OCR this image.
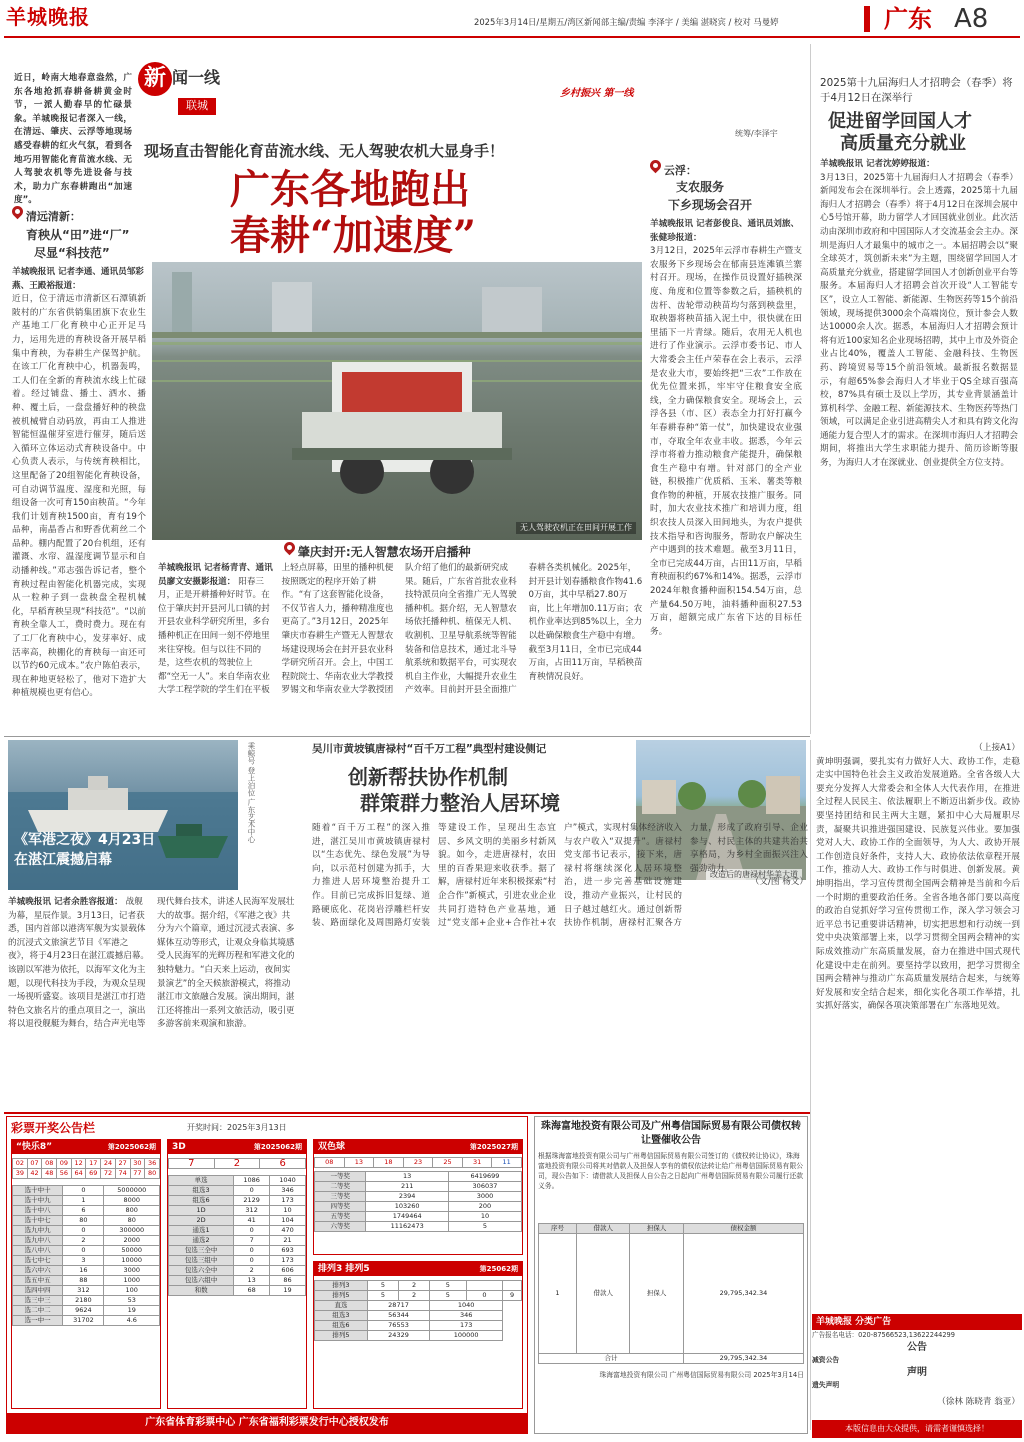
羊城晚报	2025年3月14日/星期五/湾区新闻部主编/责编 李泽宇 / 美编 湛晓宾 / 校对 马曼婷	广东 A8
近日，岭南大地春意盎然，广东各地抢抓春耕备耕黄金时节，一派人勤春早的忙碌景象。羊城晚报记者深入一线，在清远、肇庆、云浮等地现场感受春耕的红火气氛，看到各地巧用智能化育苗流水线、无人驾驶农机等先进设备与技术，助力广东春耕跑出“加速度”。
新 闻一线
联城
乡村振兴 第一线
统筹/李泽宇
现场直击智能化育苗流水线、无人驾驶农机大显身手！
广东各地跑出
春耕“加速度”
无人驾驶农机正在田间开展工作
清远清新：
育秧从“田”进“厂”
尽显“科技范”
羊城晚报讯 记者李通、通讯员邹彩燕、王殿裕报道：
近日，位于清远市清新区石潭镇新陂村的广东省供销集团旗下农业生产基地工厂化育秧中心正开足马力，运用先进的育秧设备开展早稻集中育秧，为春耕生产保驾护航。在该工厂化育秧中心，机器轰鸣，工人们在全新的育秧流水线上忙碌着。经过铺盘、播土、洒水、播种、覆土后，一盘盘播好种的秧盘被机械臂自动码放，再由工人推进智能恒温催芽室进行催芽，随后送入循环立体运动式育秧设备中。中心负责人表示，与传统育秧相比，这里配备了20组智能化育秧设备，可自动调节温度、湿度和光照，每组设备一次可育150亩秧苗。“今年我们计划育秧1500亩，育有19个品种，南晶香占和野香优莉丝二个品种。棚内配置了20台机组，还有灌溉、水帘、温湿度调节显示和自动播种线。”邓志强告诉记者，整个育秧过程由智能化机器完成，实现从一粒种子到一盘秧盘全程机械化，早稻育秧呈现“科技范”。“以前育秧全靠人工，费时费力。现在有了工厂化育秧中心，发芽率好、成活率高，秧棚化的育秧每一亩还可以节约60元成本。”农户陈伯表示，现在种地更轻松了，他对下造扩大种植规模也更有信心。
肇庆封开:无人智慧农场开启播种
羊城晚报讯 记者杨青青、通讯员廖文安摄影报道： 阳春三月，正是开耕播种好时节。在位于肇庆封开县河儿口镇的封开县农业科学研究所里，多台播种机正在田间一刻不停地里来往穿梭。但与以往不同的是，这些农机的驾驶位上都“空无一人”。来自华南农业大学工程学院的学生们在平板上轻点屏幕，田里的播种机便按照既定的程序开始了耕作。“有了这套智能化设备，不仅节省人力，播种精准度也更高了。”3月12日，2025年肇庆市春耕生产暨无人智慧农场建设现场会在封开县农业科学研究所召开。会上，中国工程院院士、华南农业大学教授罗锡文和华南农业大学教授团队介绍了他们的最新研究成果。随后，广东省首批农业科技特派员向全省推广无人驾驶播种机。据介绍，无人智慧农场依托播种机、植保无人机、收割机、卫星导航系统等智能装备和信息技术，通过北斗导航系统和数据平台，可实现农机自主作业，大幅提升农业生产效率。目前封开县全面推广春耕各类机械化。2025年，封开县计划春播粮食作物41.60万亩，其中早稻27.80万亩，比上年增加0.11万亩；农机作业率达到85%以上，全力以赴确保粮食生产稳中有增。截至3月11日，全市已完成44万亩，占田11万亩，早稻秧苗育秧情况良好。
云浮：
支农服务
下乡现场会召开
羊城晚报讯 记者彭俊良、通讯员刘旅、张健珍报道：
3月12日，2025年云浮市春耕生产暨支农服务下乡现场会在郁南县连滩镇兰寨村召开。现场，在操作员设置好插秧深度、角度和位置等参数之后，插秧机的齿杆、齿轮带动秧苗均匀落到秧盘里，取秧器将秧苗插入泥土中，很快就在田里插下一片青绿。随后，农用无人机也进行了作业演示。云浮市委书记、市人大常委会主任卢荣春在会上表示，云浮是农业大市，要始终把“三农”工作放在优先位置来抓，牢牢守住粮食安全底线，全力确保粮食安全。现场会上，云浮各县（市、区）表态全力打好打赢今年春耕春种“第一仗”，加快建设农业强市，夺取全年农业丰收。据悉，今年云浮市将着力推动粮食产能提升，确保粮食生产稳中有增。针对部门的全产业链，积极推广优质稻、玉米、薯类等粮食作物的种植，开展农技推广服务。同时，加大农业技术推广和培训力度，组织农技人员深入田间地头，为农户提供技术指导和咨询服务，帮助农户解决生产中遇到的技术难题。截至3月11日，全市已完成44万亩，占田11万亩，早稻育秧面积约67%和14%。据悉，云浮市2024年粮食播种面积154.54万亩，总产量64.50万吨，油料播种面积27.53万亩，超额完成广东省下达的目标任务。
2025第十九届海归人才招聘会（春季）将于4月12日在深举行
促进留学回国人才
高质量充分就业
羊城晚报讯 记者沈婷婷报道：
3月13日，2025第十九届海归人才招聘会（春季）新闻发布会在深圳举行。会上透露，2025第十九届海归人才招聘会（春季）将于4月12日在深圳会展中心5号馆开幕，助力留学人才回国就业创业。此次活动由深圳市政府和中国国际人才交流基金会主办。深圳是海归人才最集中的城市之一。本届招聘会以“聚全球英才，筑创新未来”为主题，围绕留学回国人才高质量充分就业，搭建留学回国人才创新创业平台等服务。本届海归人才招聘会首次开设“人工智能专区”，设立人工智能、新能源、生物医药等15个前沿领域，现场提供3000余个高端岗位，预计参会人数达10000余人次。据悉，本届海归人才招聘会预计将有近100家知名企业现场招聘，其中上市及外资企业占比40%，覆盖人工智能、金融科技、生物医药、跨境贸易等15个前沿领域。最新报名数据显示，有超65%参会海归人才毕业于QS全球百强高校，87%具有硕士及以上学历，其专业背景涵盖计算机科学、金融工程、新能源技术、生物医药等热门领域，可以满足企业引进高精尖人才和具有跨文化沟通能力复合型人才的需求。在深圳市海归人才招聘会期间，将推出大学生求职能力提升、简历诊断等服务，为海归人才在深就业、创业提供全方位支持。
《军港之夜》4月23日
在湛江震撼启幕
乘鲸号 登上泊位 广东艺术中心
羊城晚报讯 记者余胜容报道： 战舰为幕，星辰作景。3月13日，记者获悉，国内首部以港湾军舰为实景载体的沉浸式文旅演艺节目《军港之夜》，将于4月23日在湛江震撼启幕。该剧以军港为依托，以海军文化为主题，以现代科技为手段，为观众呈现一场视听盛宴。该项目是湛江市打造特色文旅名片的重点项目之一，演出将以退役舰艇为舞台，结合声光电等现代舞台技术，讲述人民海军发展壮大的故事。据介绍，《军港之夜》共分为六个篇章，通过沉浸式表演、多媒体互动等形式，让观众身临其境感受人民海军的光辉历程和军港文化的独特魅力。“白天来上运动，夜间实景演艺”的全天候旅游模式，将推动湛江市文旅融合发展。演出期间，湛江还将推出一系列文旅活动，吸引更多游客前来观演和旅游。
吴川市黄坡镇唐禄村“百千万工程”典型村建设侧记
创新帮扶协作机制
群策群力整治人居环境
改造后的唐禄村华美大道
随着“百千万工程”的深入推进，湛江吴川市黄坡镇唐禄村以“生态优先、绿色发展”为导向，以示范村创建为抓手，大力推进人居环境整治提升工作。目前已完成拆旧复绿、道路硬底化、花岗岩浮雕栏杆安装、路面绿化及周围路灯安装等建设工作，呈现出生态宜居、乡风文明的美丽乡村新风貌。如今，走进唐禄村，农田里的百香果迎来收获季。据了解，唐禄村近年来积极探索“村企合作”新模式，引进农业企业共同打造特色产业基地，通过“党支部+企业+合作社+农户”模式，实现村集体经济收入与农户收入“双提升”。唐禄村党支部书记表示，接下来，唐禄村将继续深化人居环境整治，进一步完善基础设施建设，推动产业振兴，让村民的日子越过越红火。通过创新帮扶协作机制，唐禄村汇聚各方力量，形成了政府引导、企业参与、村民主体的共建共治共享格局，为乡村全面振兴注入强劲动力。
（文/图 杨文）
（上接A1）
黄坤明强调，要扎实有力做好人大、政协工作，走稳走实中国特色社会主义政治发展道路。全省各级人大要充分发挥人大常委会和全体人大代表作用，在推进全过程人民民主、依法履职上不断迈出新步伐。政协要坚持团结和民主两大主题，紧扣中心大局履职尽责，凝聚共识推进强国建设、民族复兴伟业。要加强党对人大、政协工作的全面领导，为人大、政协开展工作创造良好条件，支持人大、政协依法依章程开展工作，推动人大、政协工作与时俱进、创新发展。黄坤明指出，学习宣传贯彻全国两会精神是当前和今后一个时期的重要政治任务。全省各地各部门要以高度的政治自觉抓好学习宣传贯彻工作，深入学习领会习近平总书记重要讲话精神，切实把思想和行动统一到党中央决策部署上来，以学习贯彻全国两会精神的实际成效推动广东高质量发展，奋力在推进中国式现代化建设中走在前列。要坚持学以致用，把学习贯彻全国两会精神与推动广东高质量发展结合起来，与统筹好发展和安全结合起来，细化实化各项工作举措，扎实抓好落实，确保各项决策部署在广东落地见效。
（徐林 陈晓青 翁亚）
彩票开奖公告栏	开奖时间：2025年3月13日
“快乐8”	第2025062期
02	07	08	09	12	17	24	27	30	36
39	42	48	56	64	69	72	74	77	80
选十中十	0	5000000
选十中九	1	8000
选十中八	6	800
选十中七	80	80
选九中九	0	300000
选九中八	2	2000
选八中八	0	50000
选七中七	3	10000
选六中六	16	3000
选五中五	88	1000
选四中四	312	100
选三中三	2180	53
选二中二	9624	19
选一中一	31702	4.6
3D	第2025062期
7	2	6
单选	1086	1040
组选3	0	346
组选6	2129	173
1D	312	10
2D	41	104
通选1	0	470
通选2	7	21
包选三全中	0	693
包选三组中	0	173
包选六全中	2	606
包选六组中	13	86
和数	68	19
双色球	第2025027期
08	13	18	23	25	31	11
一等奖	13	6419699
二等奖	211	306037
三等奖	2394	3000
四等奖	103260	200
五等奖	1749464	10
六等奖	11162473	5
排列3 排列5	第25062期
排列3	5	2	5		
排列5	5	2	5	0	9
直选	28717		1040		
组选3	56344		346		
组选6	76553		173		
排列5	24329		100000		
广东省体育彩票中心 广东省福利彩票发行中心授权发布
珠海富地投资有限公司及广州粤信国际贸易有限公司债权转让暨催收公告
根据珠海富地投资有限公司与广州粤信国际贸易有限公司签订的《债权转让协议》，珠海富地投资有限公司将其对借款人及担保人享有的债权依法转让给广州粤信国际贸易有限公司，现公告如下：请借款人及担保人自公告之日起向广州粤信国际贸易有限公司履行还款义务。
序号	借款人	担保人	债权金额
1	借款人	担保人	29,795,342.34
合计			29,795,342.34
珠海富地投资有限公司 广州粤信国际贸易有限公司 2025年3月14日
羊城晚报 分类广告
广告报名电话：020-87566523,13622244299
公告
减资公告
声明
遗失声明
本版信息由大众提供，请需者谨慎选择！
